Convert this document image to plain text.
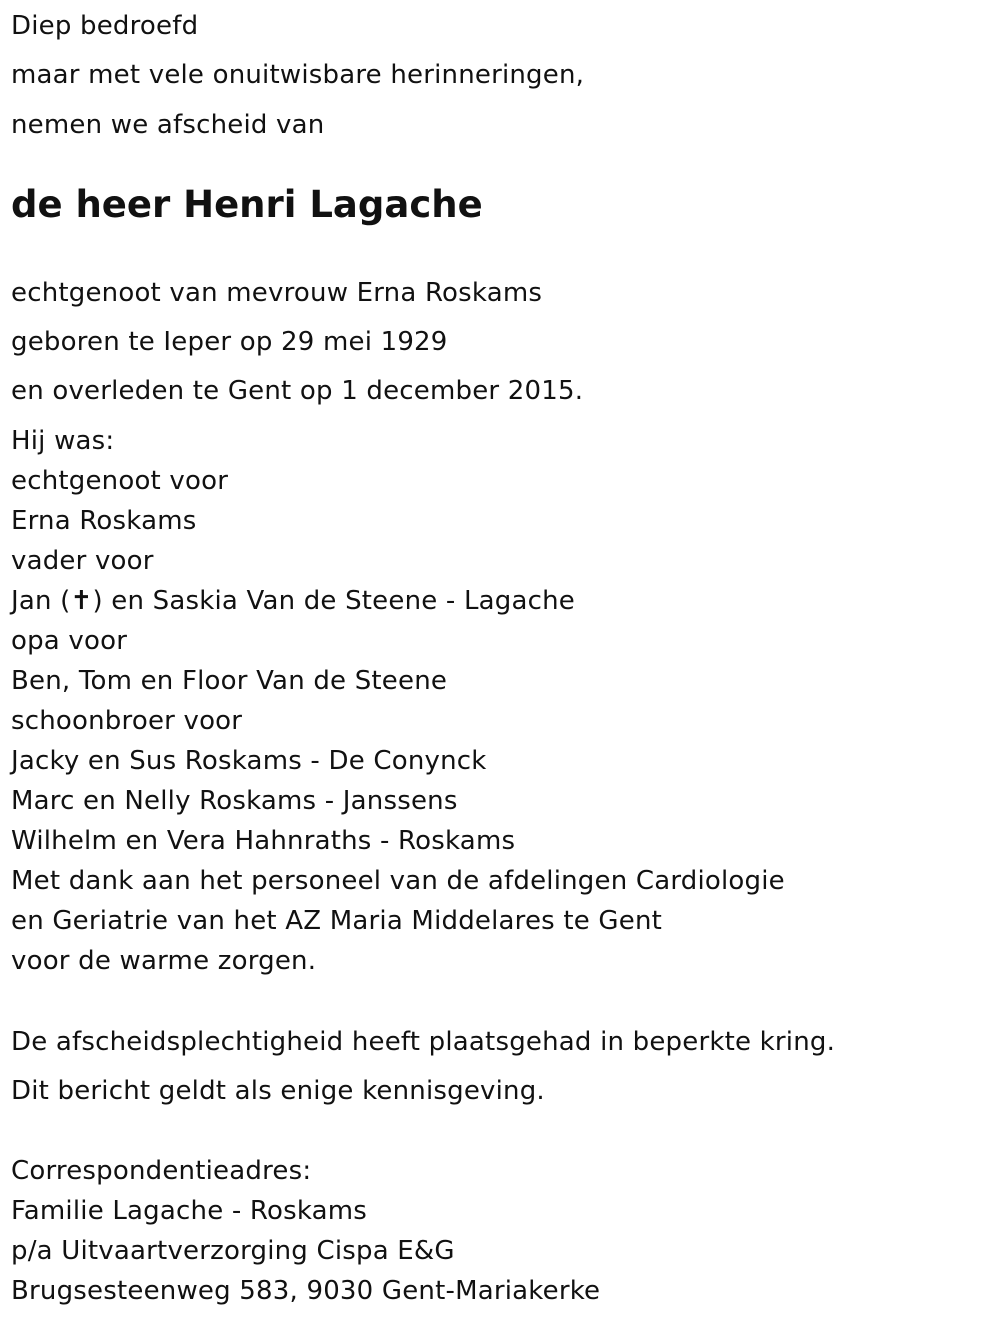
Diep bedroefd
maar met vele onuitwisbare herinneringen,
nemen we afscheid van
de heer Henri Lagache
echtgenoot van mevrouw Erna Roskams
geboren te Ieper op 29 mei 1929
en overleden te Gent op 1 december 2015.
Hij was:
echtgenoot voor
Erna Roskams
vader voor
Jan (✝) en Saskia Van de Steene - Lagache
opa voor
Ben, Tom en Floor Van de Steene
schoonbroer voor
Jacky en Sus Roskams - De Conynck
Marc en Nelly Roskams - Janssens
Wilhelm en Vera Hahnraths - Roskams
Met dank aan het personeel van de afdelingen Cardiologie
en Geriatrie van het AZ Maria Middelares te Gent
voor de warme zorgen.
De afscheidsplechtigheid heeft plaatsgehad in beperkte kring.
Dit bericht geldt als enige kennisgeving.
Correspondentieadres:
Familie Lagache - Roskams
p/a Uitvaartverzorging Cispa E&G
Brugsesteenweg 583, 9030 Gent-Mariakerke
